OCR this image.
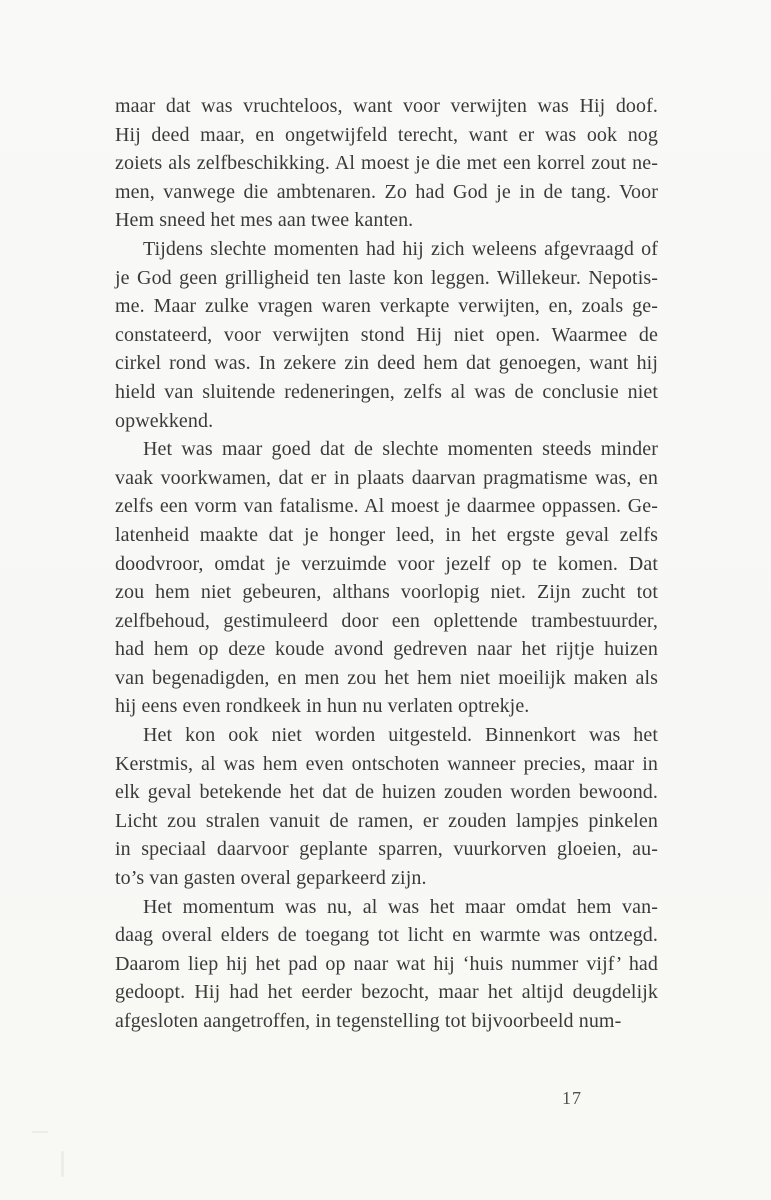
maar dat was vruchteloos, want voor verwijten was Hij doof.
Hij deed maar, en ongetwijfeld terecht, want er was ook nog
zoiets als zelfbeschikking. Al moest je die met een korrel zout ne-
men, vanwege die ambtenaren. Zo had God je in de tang. Voor
Hem sneed het mes aan twee kanten.

Tijdens slechte momenten had hij zich weleens afgevraagd of
je God geen grilligheid ten laste kon leggen. Willekeur. Nepotis-
me. Maar zulke vragen waren verkapte verwijten, en, zoals ge-
constateerd, voor verwijten stond Hij niet open. Waarmee de
cirkel rond was. In zekere zin deed hem dat genoegen, want hij
hield van sluitende redeneringen, zelfs al was de conclusie niet
opwekkend.

Het was maar goed dat de slechte momenten steeds minder
vaak voorkwamen, dat er in plaats daarvan pragmatisme was, en
zelfs een vorm van fatalisme. Al moest je daarmee oppassen. Ge-
latenheid maakte dat je honger leed, in het ergste geval zelfs
doodvroor, omdat je verzuimde voor jezelf op te komen. Dat
zou hem niet gebeuren, althans voorlopig niet. Zijn zucht tot
zelfbehoud, gestimuleerd door een oplettende trambestuurder,
had hem op deze koude avond gedreven naar het rijtje huizen
van begenadigden, en men zou het hem niet moeilijk maken als
hij eens even rondkeek in hun nu verlaten optrekje.

Het kon ook niet worden uitgesteld. Binnenkort was het
Kerstmis, al was hem even ontschoten wanneer precies, maar in
elk geval betekende het dat de huizen zouden worden bewoond.
Licht zou stralen vanuit de ramen, er zouden lampjes pinkelen
in speciaal daarvoor geplante sparren, vuurkorven gloeien, au-
to’s van gasten overal geparkeerd zijn.

Het momentum was nu, al was het maar omdat hem van-
daag overal elders de toegang tot licht en warmte was ontzegd.
Daarom liep hij het pad op naar wat hij ‘huis nummer vijf’ had
gedoopt. Hij had het eerder bezocht, maar het altijd deugdelijk
afgesloten aangetroffen, in tegenstelling tot bijvoorbeeld num-

17
